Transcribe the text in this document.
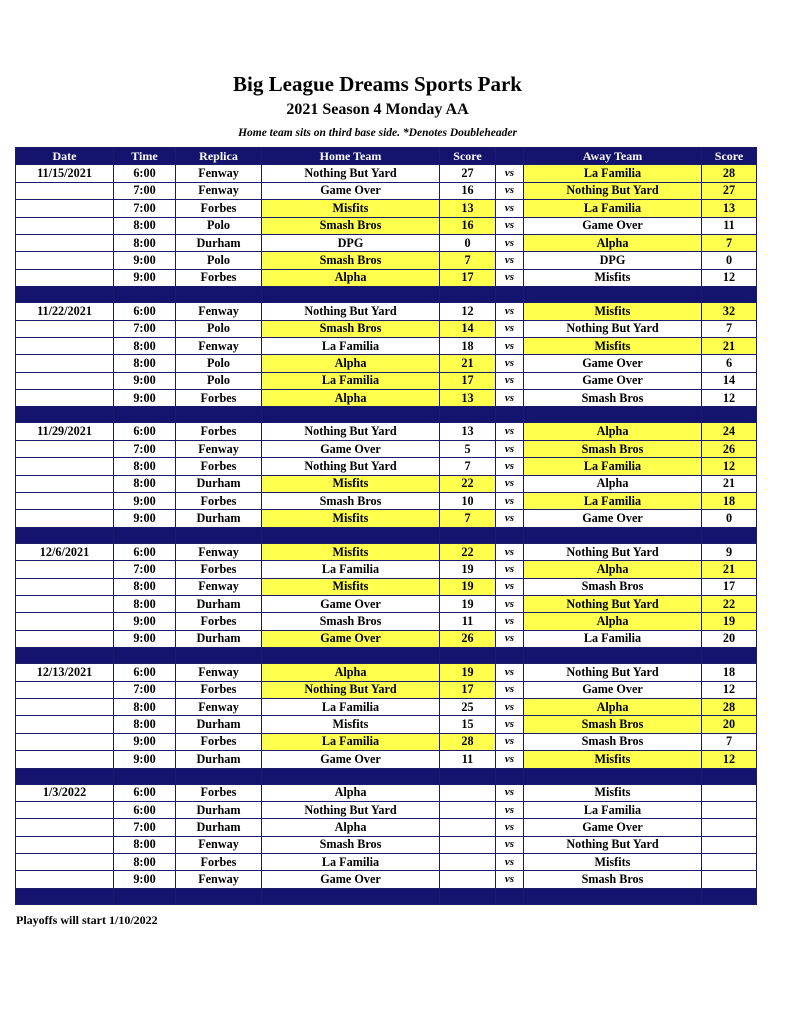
Big League Dreams Sports Park
2021 Season 4 Monday AA
Home team sits on third base side. *Denotes Doubleheader
Date	Time	Replica	Home Team	Score		Away Team	Score
11/15/2021	6:00	Fenway	Nothing But Yard	27	vs	La Familia	28
	7:00	Fenway	Game Over	16	vs	Nothing But Yard	27
	7:00	Forbes	Misfits	13	vs	La Familia	13
	8:00	Polo	Smash Bros	16	vs	Game Over	11
	8:00	Durham	DPG	0	vs	Alpha	7
	9:00	Polo	Smash Bros	7	vs	DPG	0
	9:00	Forbes	Alpha	17	vs	Misfits	12

11/22/2021	6:00	Fenway	Nothing But Yard	12	vs	Misfits	32
	7:00	Polo	Smash Bros	14	vs	Nothing But Yard	7
	8:00	Fenway	La Familia	18	vs	Misfits	21
	8:00	Polo	Alpha	21	vs	Game Over	6
	9:00	Polo	La Familia	17	vs	Game Over	14
	9:00	Forbes	Alpha	13	vs	Smash Bros	12

11/29/2021	6:00	Forbes	Nothing But Yard	13	vs	Alpha	24
	7:00	Fenway	Game Over	5	vs	Smash Bros	26
	8:00	Forbes	Nothing But Yard	7	vs	La Familia	12
	8:00	Durham	Misfits	22	vs	Alpha	21
	9:00	Forbes	Smash Bros	10	vs	La Familia	18
	9:00	Durham	Misfits	7	vs	Game Over	0

12/6/2021	6:00	Fenway	Misfits	22	vs	Nothing But Yard	9
	7:00	Forbes	La Familia	19	vs	Alpha	21
	8:00	Fenway	Misfits	19	vs	Smash Bros	17
	8:00	Durham	Game Over	19	vs	Nothing But Yard	22
	9:00	Forbes	Smash Bros	11	vs	Alpha	19
	9:00	Durham	Game Over	26	vs	La Familia	20

12/13/2021	6:00	Fenway	Alpha	19	vs	Nothing But Yard	18
	7:00	Forbes	Nothing But Yard	17	vs	Game Over	12
	8:00	Fenway	La Familia	25	vs	Alpha	28
	8:00	Durham	Misfits	15	vs	Smash Bros	20
	9:00	Forbes	La Familia	28	vs	Smash Bros	7
	9:00	Durham	Game Over	11	vs	Misfits	12

1/3/2022	6:00	Forbes	Alpha		vs	Misfits	
	6:00	Durham	Nothing But Yard		vs	La Familia	
	7:00	Durham	Alpha		vs	Game Over	
	8:00	Fenway	Smash Bros		vs	Nothing But Yard	
	8:00	Forbes	La Familia		vs	Misfits	
	9:00	Fenway	Game Over		vs	Smash Bros	

Playoffs will start 1/10/2022
